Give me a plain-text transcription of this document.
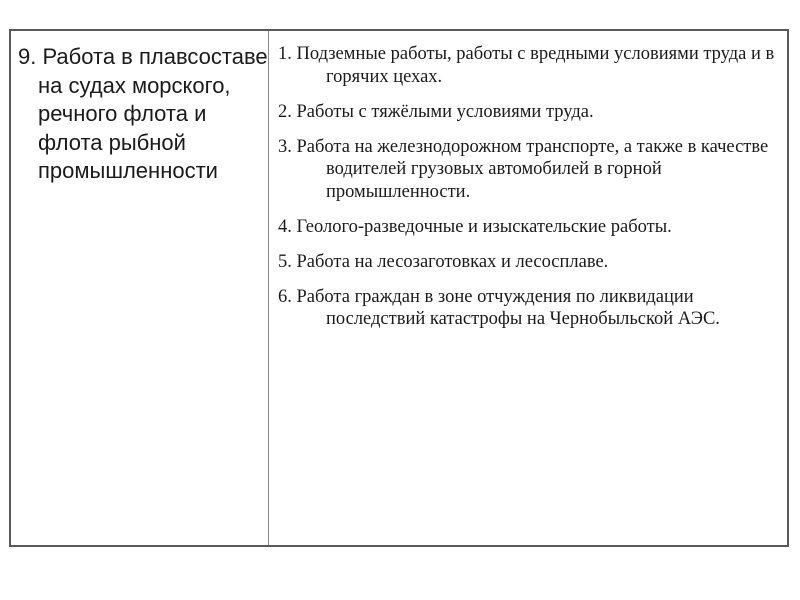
9. Работа в плавсоставе на судах морского, речного флота и флота рыбной промышленности

1. Подземные работы, работы с вредными условиями труда и в горячих цехах.
2. Работы с тяжёлыми условиями труда.
3. Работа на железнодорожном транспорте, а также в качестве водителей грузовых автомобилей в горной промышленности.
4. Геолого-разведочные и изыскательские работы.
5. Работа на лесозаготовках и лесосплаве.
6. Работа граждан в зоне отчуждения по ликвидации последствий катастрофы на Чернобыльской АЭС.
